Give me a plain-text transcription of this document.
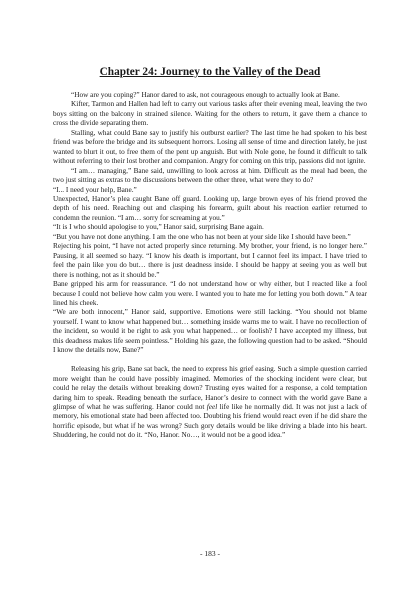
Chapter 24: Journey to the Valley of the Dead

“How are you coping?” Hanor dared to ask, not courageous enough to actually look at Bane.

Kifter, Tarmon and Hallen had left to carry out various tasks after their evening meal, leaving the two boys sitting on the balcony in strained silence. Waiting for the others to return, it gave them a chance to cross the divide separating them.

Stalling, what could Bane say to justify his outburst earlier? The last time he had spoken to his best friend was before the bridge and its subsequent horrors. Losing all sense of time and direction lately, he just wanted to blurt it out, to free them of the pent up anguish. But with Nole gone, he found it difficult to talk without referring to their lost brother and companion. Angry for coming on this trip, passions did not ignite.

“I am… managing,” Bane said, unwilling to look across at him. Difficult as the meal had been, the two just sitting as extras to the discussions between the other three, what were they to do?

“I... I need your help, Bane.”

Unexpected, Hanor’s plea caught Bane off guard. Looking up, large brown eyes of his friend proved the depth of his need. Reaching out and clasping his forearm, guilt about his reaction earlier returned to condemn the reunion. “I am… sorry for screaming at you.”

“It is I who should apologise to you,” Hanor said, surprising Bane again.

“But you have not done anything. I am the one who has not been at your side like I should have been.”

Rejecting his point, “I have not acted properly since returning. My brother, your friend, is no longer here.” Pausing, it all seemed so hazy. “I know his death is important, but I cannot feel its impact. I have tried to feel the pain like you do but… there is just deadness inside. I should be happy at seeing you as well but there is nothing, not as it should be.”

Bane gripped his arm for reassurance. “I do not understand how or why either, but I reacted like a fool because I could not believe how calm you were. I wanted you to hate me for letting you both down.” A tear lined his cheek.

“We are both innocent,” Hanor said, supportive. Emotions were still lacking. “You should not blame yourself. I want to know what happened but… something inside warns me to wait. I have no recollection of the incident, so would it be right to ask you what happened… or foolish? I have accepted my illness, but this deadness makes life seem pointless.” Holding his gaze, the following question had to be asked. “Should I know the details now, Bane?”

Releasing his grip, Bane sat back, the need to express his grief easing. Such a simple question carried more weight than he could have possibly imagined. Memories of the shocking incident were clear, but could he relay the details without breaking down? Trusting eyes waited for a response, a cold temptation daring him to speak. Reading beneath the surface, Hanor’s desire to connect with the world gave Bane a glimpse of what he was suffering. Hanor could not feel life like he normally did. It was not just a lack of memory, his emotional state had been affected too. Doubting his friend would react even if he did share the horrific episode, but what if he was wrong? Such gory details would be like driving a blade into his heart. Shuddering, he could not do it. “No, Hanor. No…, it would not be a good idea.”

- 183 -
